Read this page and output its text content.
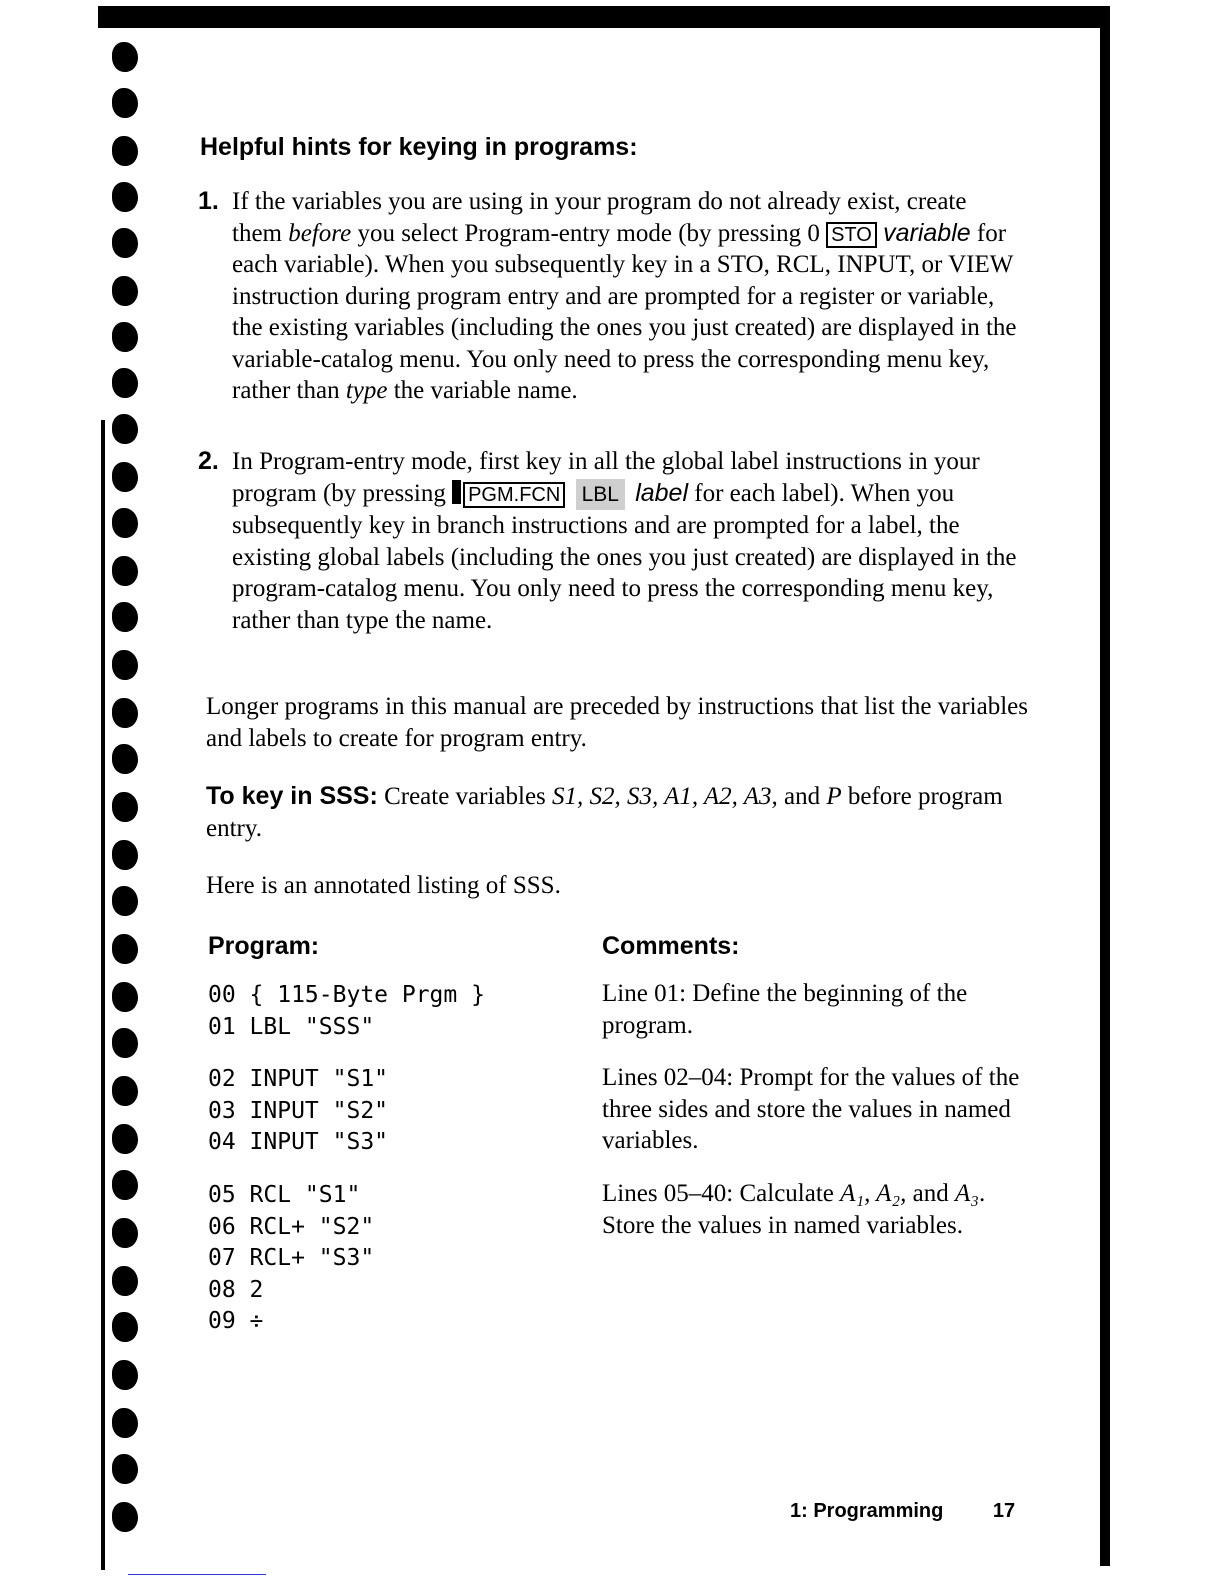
Helpful hints for keying in programs:
1. If the variables you are using in your program do not already exist, create them before you select Program-entry mode (by pressing 0 STO variable for each variable). When you subsequently key in a STO, RCL, INPUT, or VIEW instruction during program entry and are prompted for a register or variable, the existing variables (including the ones you just created) are displayed in the variable-catalog menu. You only need to press the corresponding menu key, rather than type the variable name.
2. In Program-entry mode, first key in all the global label instructions in your program (by pressing PGM.FCN LBL label for each label). When you subsequently key in branch instructions and are prompted for a label, the existing global labels (including the ones you just created) are displayed in the program-catalog menu. You only need to press the corresponding menu key, rather than type the name.
Longer programs in this manual are preceded by instructions that list the variables and labels to create for program entry.
To key in SSS: Create variables S1, S2, S3, A1, A2, A3, and P before program entry.
Here is an annotated listing of SSS.
Program:	Comments:
00 { 115-Byte Prgm }
01 LBL "SSS"
Line 01: Define the beginning of the program.
02 INPUT "S1"
03 INPUT "S2"
04 INPUT "S3"
Lines 02–04: Prompt for the values of the three sides and store the values in named variables.
05 RCL "S1"
06 RCL+ "S2"
07 RCL+ "S3"
08 2
09 ÷
Lines 05–40: Calculate A₁, A₂, and A₃. Store the values in named variables.
1: Programming 17
